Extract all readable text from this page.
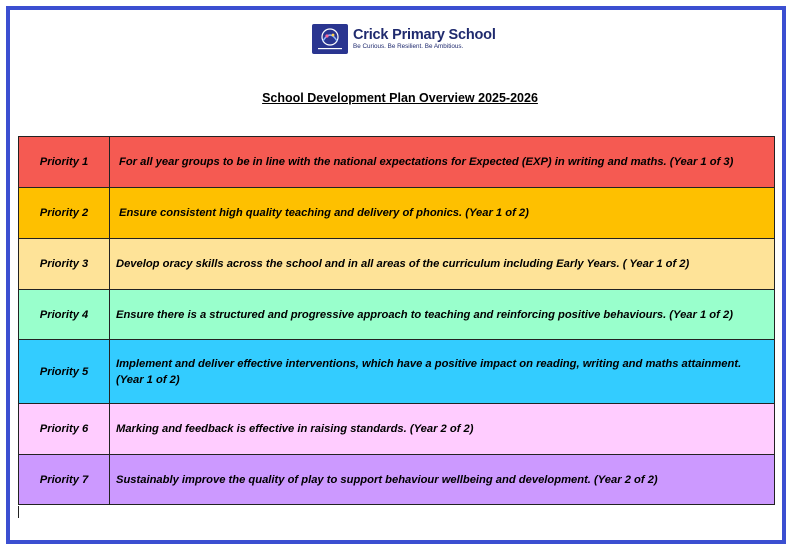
Crick Primary School
Be Curious. Be Resilient. Be Ambitious.
School Development Plan Overview 2025-2026
Priority 1	For all year groups to be in line with the national expectations for Expected (EXP) in writing and maths. (Year 1 of 3)
Priority 2	Ensure consistent high quality teaching and delivery of phonics. (Year 1 of 2)
Priority 3	Develop oracy skills across the school and in all areas of the curriculum including Early Years. ( Year 1 of 2)
Priority 4	Ensure there is a structured and progressive approach to teaching and reinforcing positive behaviours. (Year 1 of 2)
Priority 5	Implement and deliver effective interventions, which have a positive impact on reading, writing and maths attainment. (Year 1 of 2)
Priority 6	Marking and feedback is effective in raising standards. (Year 2 of 2)
Priority 7	Sustainably improve the quality of play to support behaviour wellbeing and development. (Year 2 of 2)
